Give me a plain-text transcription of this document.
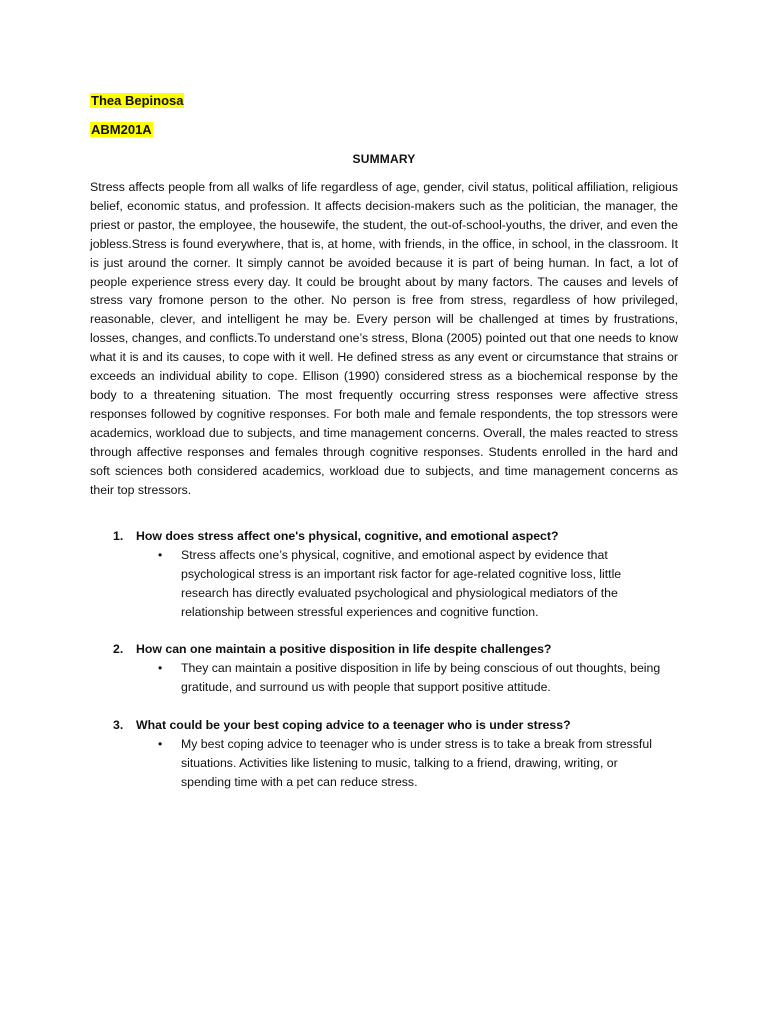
Thea Bepinosa
ABM201A
SUMMARY

Stress affects people from all walks of life regardless of age, gender, civil status, political affiliation, religious belief, economic status, and profession. It affects decision-makers such as the politician, the manager, the priest or pastor, the employee, the housewife, the student, the out-of-school-youths, the driver, and even the jobless.Stress is found everywhere, that is, at home, with friends, in the office, in school, in the classroom. It is just around the corner. It simply cannot be avoided because it is part of being human. In fact, a lot of people experience stress every day. It could be brought about by many factors. The causes and levels of stress vary fromone person to the other. No person is free from stress, regardless of how privileged, reasonable, clever, and intelligent he may be. Every person will be challenged at times by frustrations, losses, changes, and conflicts.To understand one’s stress, Blona (2005) pointed out that one needs to know what it is and its causes, to cope with it well. He defined stress as any event or circumstance that strains or exceeds an individual ability to cope. Ellison (1990) considered stress as a biochemical response by the body to a threatening situation. The most frequently occurring stress responses were affective stress responses followed by cognitive responses. For both male and female respondents, the top stressors were academics, workload due to subjects, and time management concerns. Overall, the males reacted to stress through affective responses and females through cognitive responses. Students enrolled in the hard and soft sciences both considered academics, workload due to subjects, and time management concerns as their top stressors.

1. How does stress affect one's physical, cognitive, and emotional aspect?
• Stress affects one’s physical, cognitive, and emotional aspect by evidence that psychological stress is an important risk factor for age-related cognitive loss, little research has directly evaluated psychological and physiological mediators of the relationship between stressful experiences and cognitive function.

2. How can one maintain a positive disposition in life despite challenges?
• They can maintain a positive disposition in life by being conscious of out thoughts, being gratitude, and surround us with people that support positive attitude.

3. What could be your best coping advice to a teenager who is under stress?
• My best coping advice to teenager who is under stress is to take a break from stressful situations. Activities like listening to music, talking to a friend, drawing, writing, or spending time with a pet can reduce stress.
